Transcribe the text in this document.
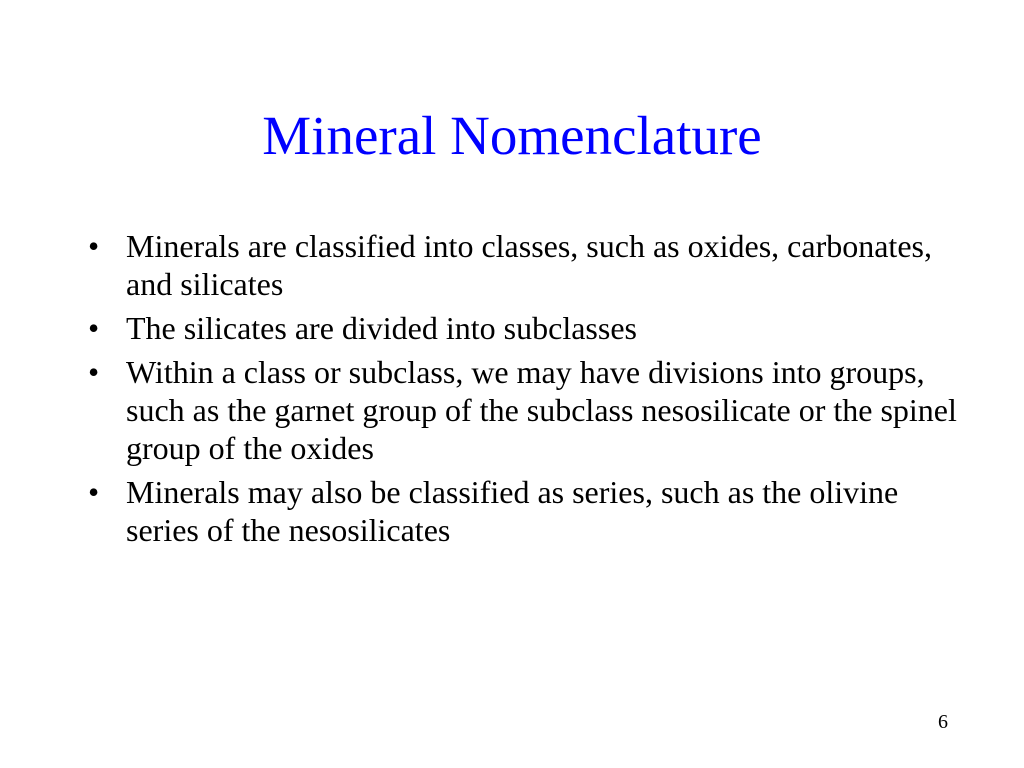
Mineral Nomenclature
• Minerals are classified into classes, such as oxides, carbonates, and silicates
• The silicates are divided into subclasses
• Within a class or subclass, we may have divisions into groups, such as the garnet group of the subclass nesosilicate or the spinel group of the oxides
• Minerals may also be classified as series, such as the olivine series of the nesosilicates
6
